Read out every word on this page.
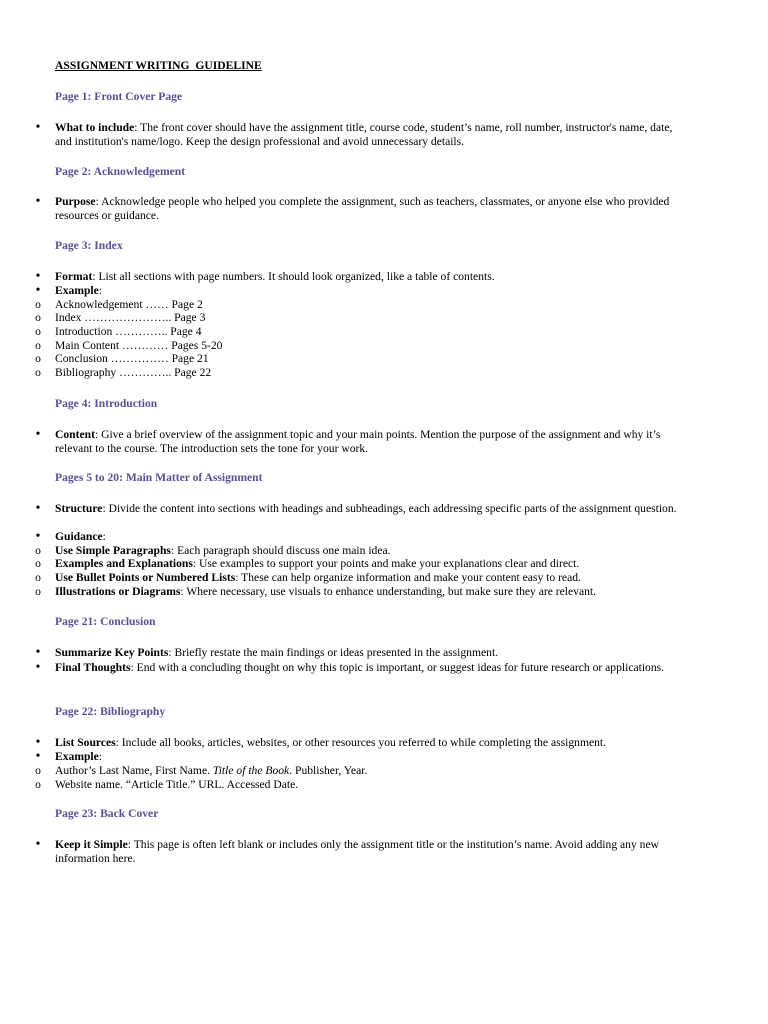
ASSIGNMENT WRITING  GUIDELINE
Page 1: Front Cover Page
•	What to include: The front cover should have the assignment title, course code, student’s name, roll number, instructor's name, date, and institution's name/logo. Keep the design professional and avoid unnecessary details.
Page 2: Acknowledgement
•	Purpose: Acknowledge people who helped you complete the assignment, such as teachers, classmates, or anyone else who provided resources or guidance.
Page 3: Index
•	Format: List all sections with page numbers. It should look organized, like a table of contents.
•	Example:
o	Acknowledgement …… Page 2
o	Index ………………….. Page 3
o	Introduction ………….. Page 4
o	Main Content ………… Pages 5-20
o	Conclusion …………… Page 21
o	Bibliography ………….. Page 22
Page 4: Introduction
•	Content: Give a brief overview of the assignment topic and your main points. Mention the purpose of the assignment and why it’s relevant to the course. The introduction sets the tone for your work.
Pages 5 to 20: Main Matter of Assignment
•	Structure: Divide the content into sections with headings and subheadings, each addressing specific parts of the assignment question.
•	Guidance:
o	Use Simple Paragraphs: Each paragraph should discuss one main idea.
o	Examples and Explanations: Use examples to support your points and make your explanations clear and direct.
o	Use Bullet Points or Numbered Lists: These can help organize information and make your content easy to read.
o	Illustrations or Diagrams: Where necessary, use visuals to enhance understanding, but make sure they are relevant.
Page 21: Conclusion
•	Summarize Key Points: Briefly restate the main findings or ideas presented in the assignment.
•	Final Thoughts: End with a concluding thought on why this topic is important, or suggest ideas for future research or applications.
Page 22: Bibliography
•	List Sources: Include all books, articles, websites, or other resources you referred to while completing the assignment.
•	Example:
o	Author’s Last Name, First Name. Title of the Book. Publisher, Year.
o	Website name. “Article Title.” URL. Accessed Date.
Page 23: Back Cover
•	Keep it Simple: This page is often left blank or includes only the assignment title or the institution’s name. Avoid adding any new information here.
